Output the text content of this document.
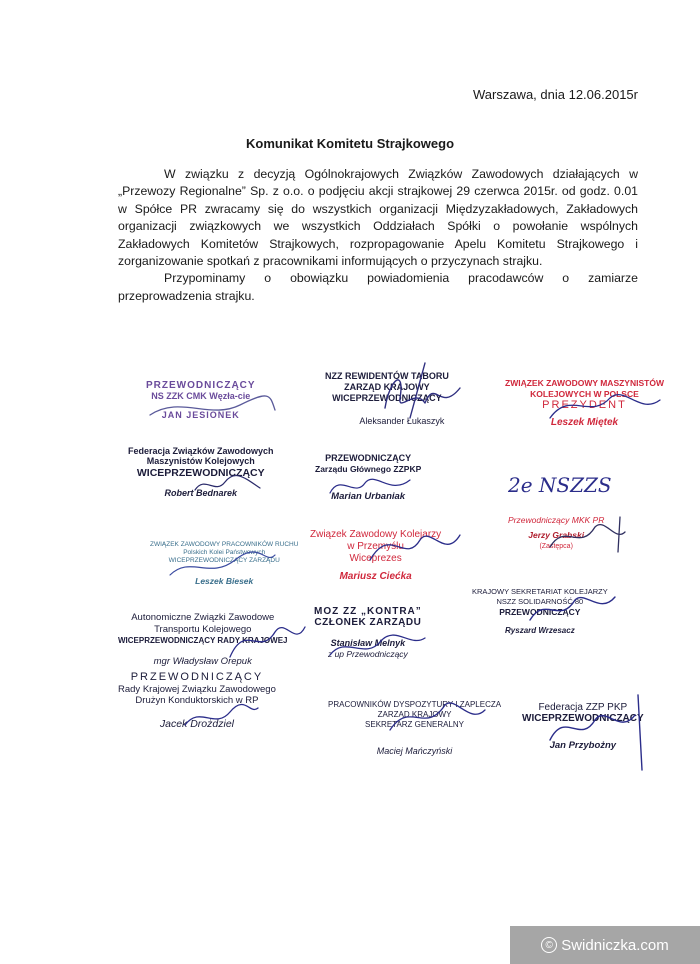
Warszawa, dnia 12.06.2015r
Komunikat Komitetu Strajkowego

W związku z decyzją Ogólnokrajowych Związków Zawodowych działających w „Przewozy Regionalne” Sp. z o.o. o podjęciu akcji strajkowej 29 czerwca 2015r. od godz. 0.01 w Spółce PR zwracamy się do wszystkich organizacji Międzyzakładowych, Zakładowych organizacji związkowych we wszystkich Oddziałach Spółki o powołanie wspólnych Zakładowych Komitetów Strajkowych, rozpropagowanie Apelu Komitetu Strajkowego i zorganizowanie spotkań z pracownikami informujących o przyczynach strajku.

Przypominamy o obowiązku powiadomienia pracodawców o zamiarze przeprowadzenia strajku.

PRZEWODNICZĄCY
NS ZZK CMK Węzła-cie
JAN JESIONEK
NZZ REWIDENTÓW TABORU
ZARZĄD KRAJOWY
WICEPRZEWODNICZĄCY
Aleksander Łukaszyk
ZWIĄZEK ZAWODOWY MASZYNISTÓW
KOLEJOWYCH W POLSCE
PREZYDENT
Leszek Miętek
Federacja Związków Zawodowych
Maszynistów Kolejowych
WICEPRZEWODNICZĄCY
Robert Bednarek
PRZEWODNICZĄCY
Zarządu Głównego ZZPKP
Marian Urbaniak	2e NSZZS
ZWIĄZEK ZAWODOWY PRACOWNIKÓW RUCHU
Polskich Kolei Państwowych
WICEPRZEWODNICZĄCY ZARZĄDU
Leszek Biesek
Związek Zawodowy Kolejarzy
w Przemyślu
Wiceprezes
Mariusz Ciećka
Przewodniczący MKK PR
Jerzy Grabski
(Zastępca)
Autonomiczne Związki Zawodowe
Transportu Kolejowego
WICEPRZEWODNICZĄCY RADY KRAJOWEJ
mgr Władysław Orepuk
MOZ ZZ „KONTRA”
CZŁONEK ZARZĄDU
Stanisław Melnyk
z up Przewodniczący
KRAJOWY SEKRETARIAT KOLEJARZY
NSZZ SOLIDARNOŚĆ 80
PRZEWODNICZĄCY
Ryszard Wrzesacz
PRZEWODNICZĄCY
Rady Krajowej Związku Zawodowego
Drużyn Konduktorskich w RP
Jacek Drożdziel
PRACOWNIKÓW DYSPOZYTURY I ZAPLECZA
ZARZĄD KRAJOWY
SEKRETARZ GENERALNY
Maciej Mańczyński
Federacja ZZP PKP
WICEPRZEWODNICZĄCY
Jan Przybożny
© Swidniczka.com
